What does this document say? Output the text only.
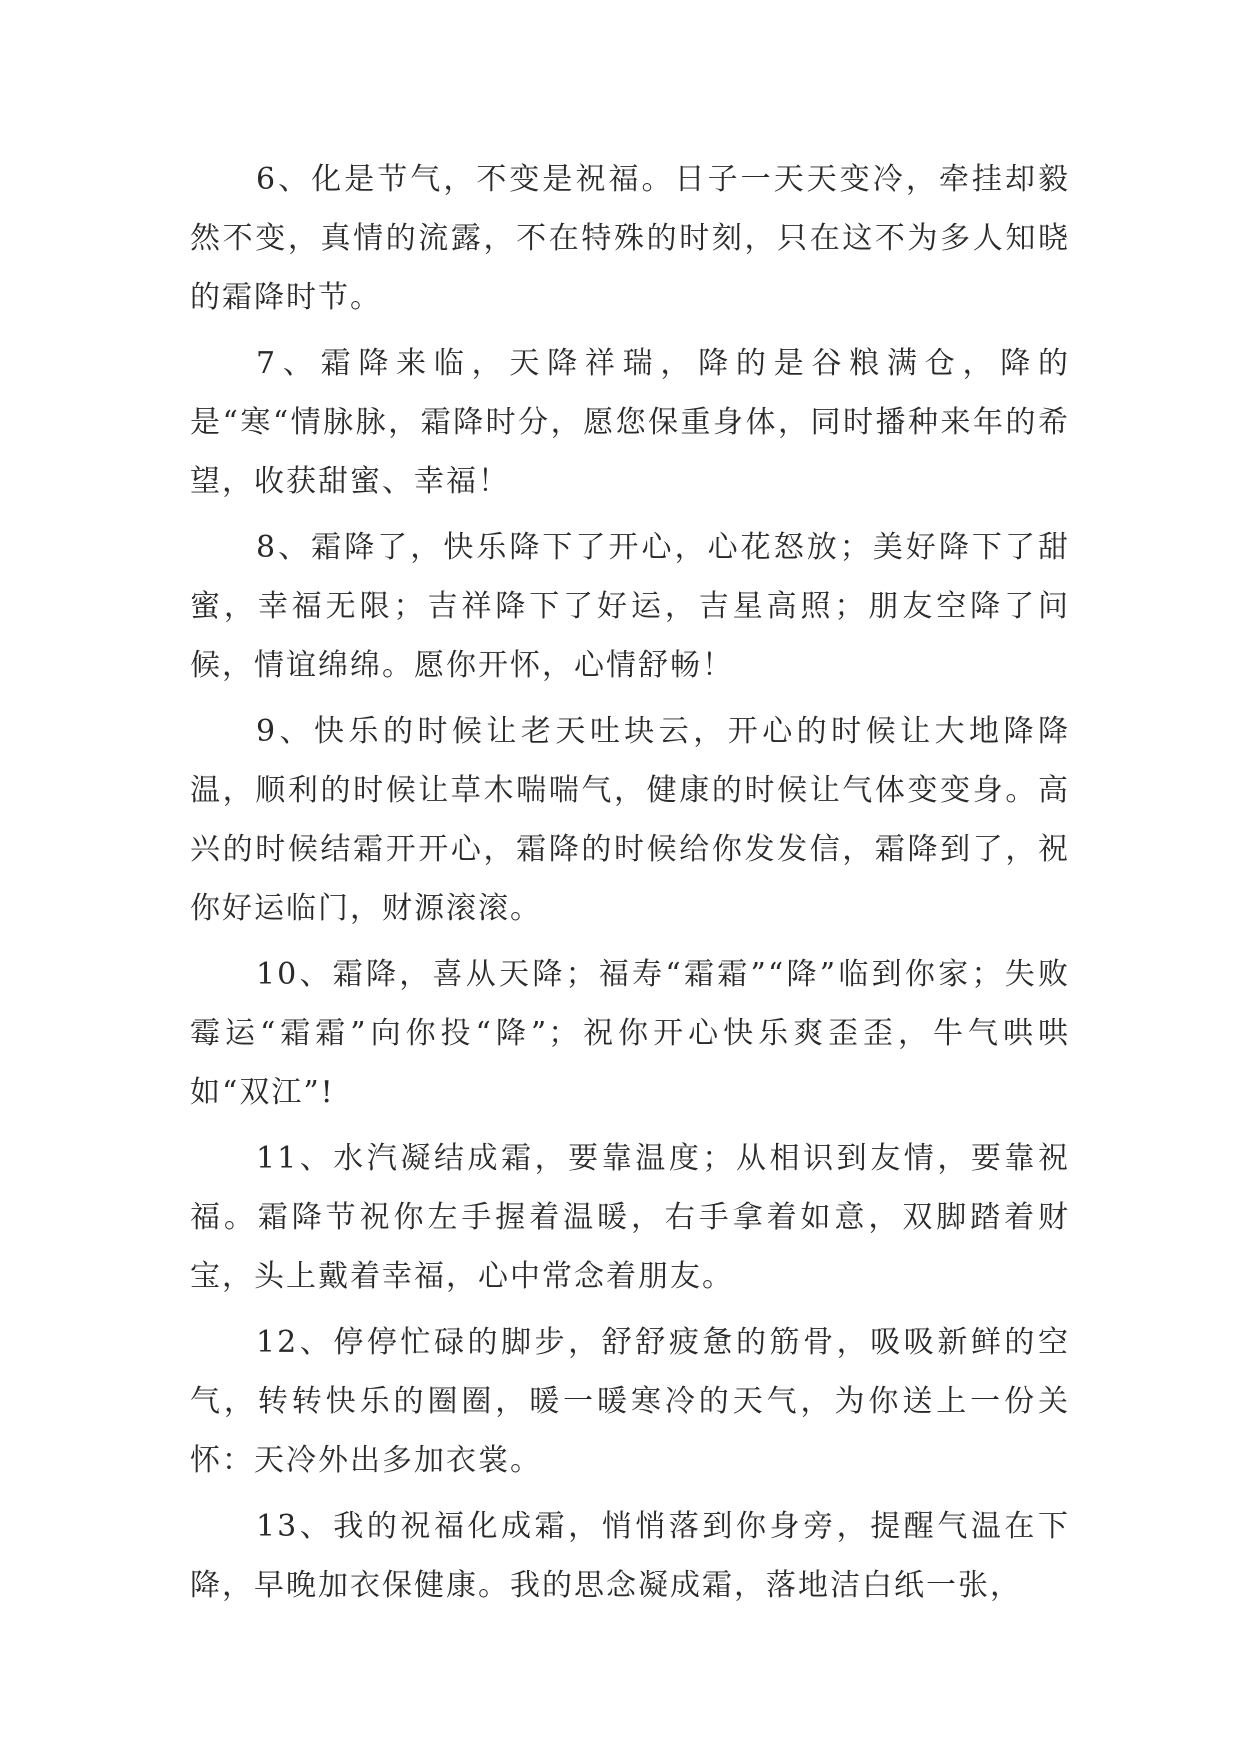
6、化是节气，不变是祝福。日子一天天变冷，牵挂却毅然不变，真情的流露，不在特殊的时刻，只在这不为多人知晓的霜降时节。

7、霜降来临，天降祥瑞，降的是谷粮满仓，降的是“寒“情脉脉，霜降时分，愿您保重身体，同时播种来年的希望，收获甜蜜、幸福！

8、霜降了，快乐降下了开心，心花怒放；美好降下了甜蜜，幸福无限；吉祥降下了好运，吉星高照；朋友空降了问候，情谊绵绵。愿你开怀，心情舒畅！

9、快乐的时候让老天吐块云，开心的时候让大地降降温，顺利的时候让草木喘喘气，健康的时候让气体变变身。高兴的时候结霜开开心，霜降的时候给你发发信，霜降到了，祝你好运临门，财源滚滚。

10、霜降，喜从天降；福寿“霜霜”“降”临到你家；失败霉运“霜霜”向你投“降”；祝你开心快乐爽歪歪，牛气哄哄如“双江”!

11、水汽凝结成霜，要靠温度；从相识到友情，要靠祝福。霜降节祝你左手握着温暖，右手拿着如意，双脚踏着财宝，头上戴着幸福，心中常念着朋友。

12、停停忙碌的脚步，舒舒疲惫的筋骨，吸吸新鲜的空气，转转快乐的圈圈，暖一暖寒冷的天气，为你送上一份关怀：天冷外出多加衣裳。

13、我的祝福化成霜，悄悄落到你身旁，提醒气温在下降，早晚加衣保健康。我的思念凝成霜，落地洁白纸一张，
